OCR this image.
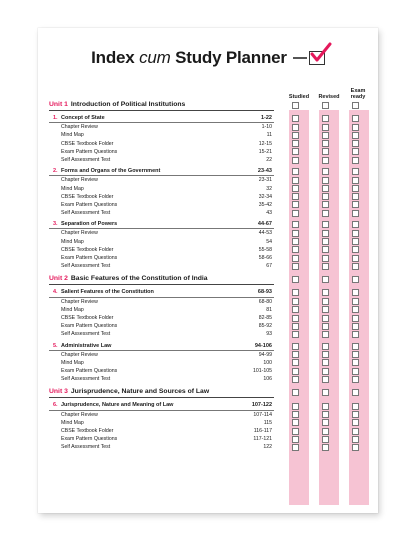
Index cum Study Planner
Studied	Revised
Exam ready
Unit 1 Introduction of Political Institutions
1. Concept of State	1-22
Chapter Review	1-10
Mind Map	11
CBSE Textbook Folder	12-15
Exam Pattern Questions	15-21
Self Assessment Test	22
2. Forms and Organs of the Government	23-43
Chapter Review	23-31
Mind Map	32
CBSE Textbook Folder	32-34
Exam Pattern Questions	35-42
Self Assessment Test	43
3. Separation of Powers	44-67
Chapter Review	44-53
Mind Map	54
CBSE Textbook Folder	55-58
Exam Pattern Questions	58-66
Self Assessment Test	67
Unit 2 Basic Features of the Constitution of India
4. Salient Features of the Constitution	68-93
Chapter Review	68-80
Mind Map	81
CBSE Textbook Folder	82-85
Exam Pattern Questions	85-92
Self Assessment Test	93
5. Administrative Law	94-106
Chapter Review	94-99
Mind Map	100
Exam Pattern Questions	101-105
Self Assessment Test	106
Unit 3 Jurisprudence, Nature and Sources of Law
6. Jurisprudence, Nature and Meaning of Law	107-122
Chapter Review	107-114
Mind Map	115
CBSE Textbook Folder	116-117
Exam Pattern Questions	117-121
Self Assessment Test	122
